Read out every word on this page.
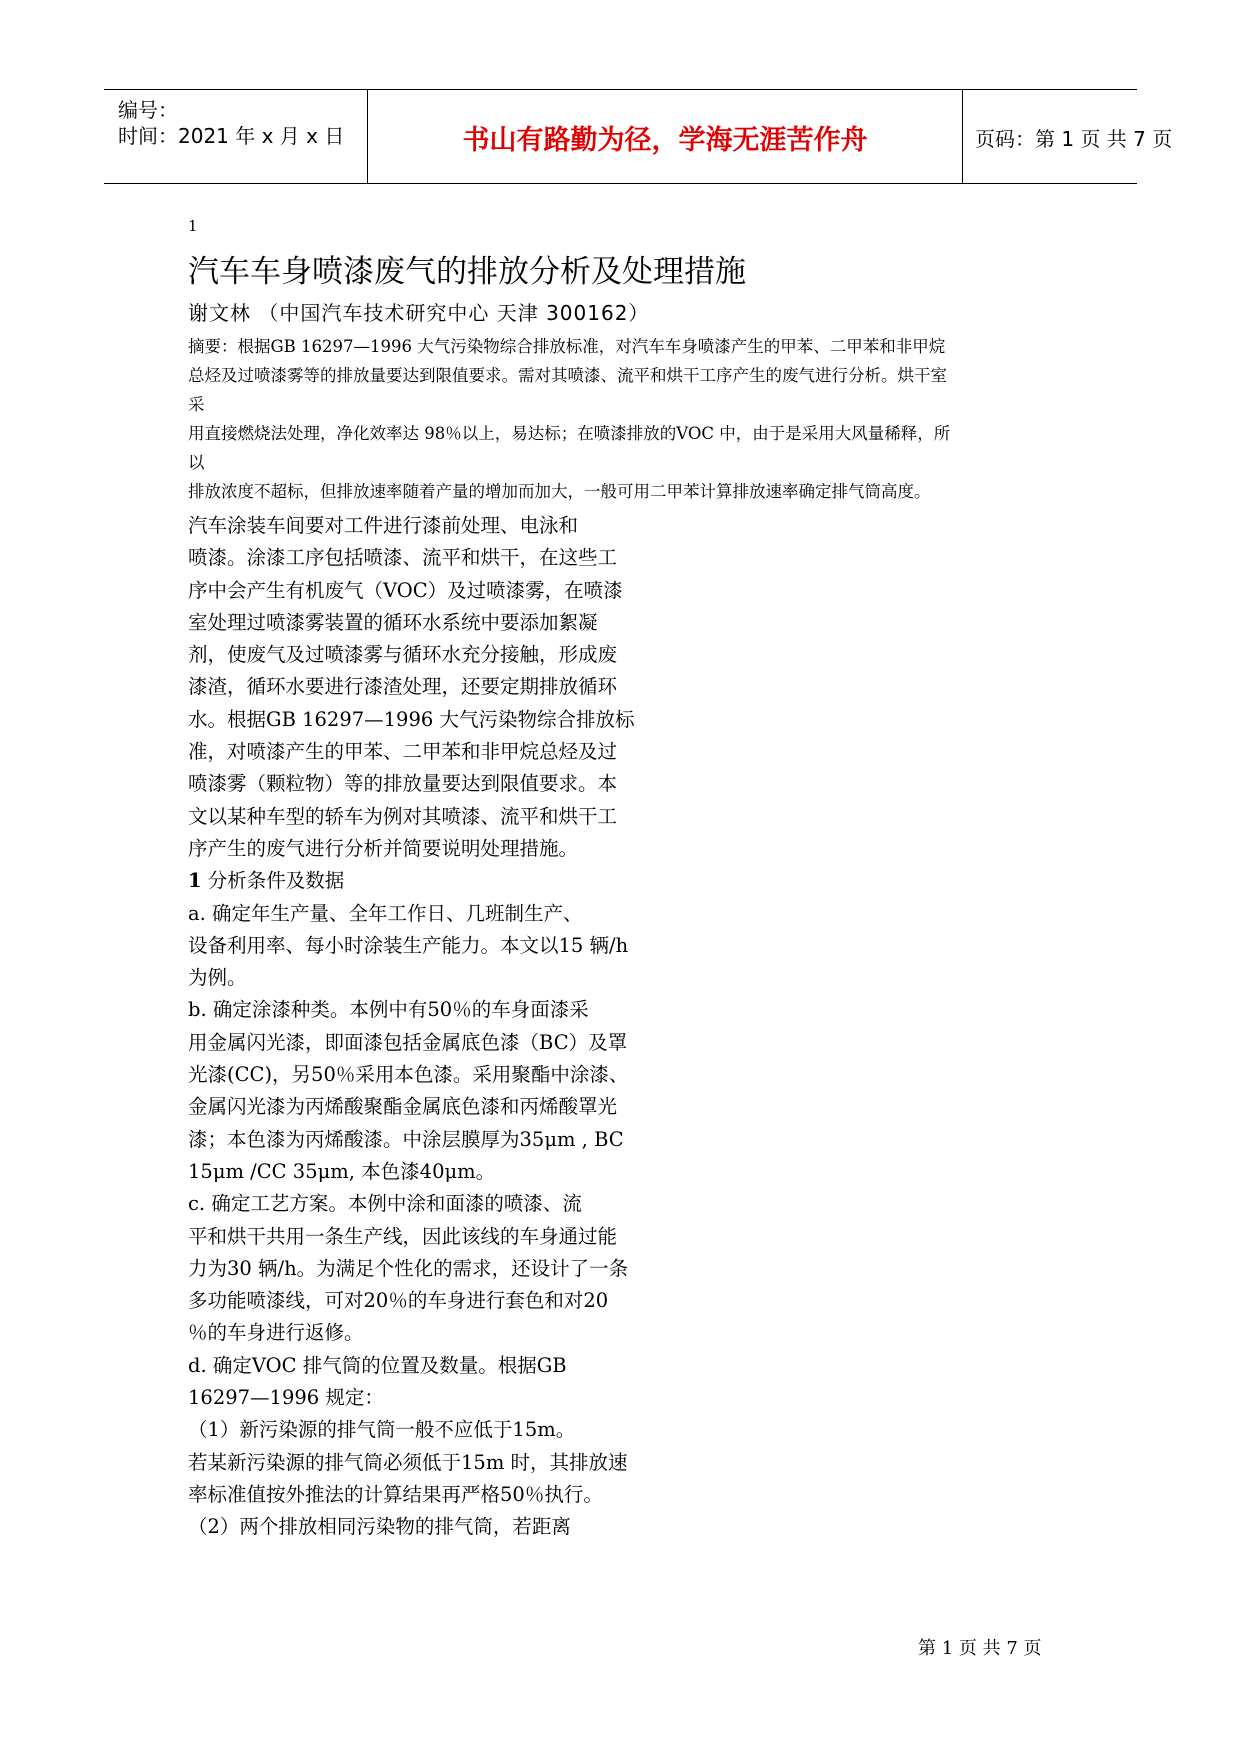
编号：
时间：2021 年 x 月 x 日	书山有路勤为径，学海无涯苦作舟	页码：第 1 页 共 7 页
1
汽车车身喷漆废气的排放分析及处理措施
谢文林 （中国汽车技术研究中心 天津 300162）
摘要：根据GB 16297—1996 大气污染物综合排放标准，对汽车车身喷漆产生的甲苯、二甲苯和非甲烷
总烃及过喷漆雾等的排放量要达到限值要求。需对其喷漆、流平和烘干工序产生的废气进行分析。烘干室
采
用直接燃烧法处理，净化效率达 98％以上，易达标；在喷漆排放的VOC 中，由于是采用大风量稀释，所
以
排放浓度不超标，但排放速率随着产量的增加而加大，一般可用二甲苯计算排放速率确定排气筒高度。
汽车涂装车间要对工件进行漆前处理、电泳和
喷漆。涂漆工序包括喷漆、流平和烘干，在这些工
序中会产生有机废气（VOC）及过喷漆雾，在喷漆
室处理过喷漆雾装置的循环水系统中要添加絮凝
剂，使废气及过喷漆雾与循环水充分接触，形成废
漆渣，循环水要进行漆渣处理，还要定期排放循环
水。根据GB 16297—1996 大气污染物综合排放标
准，对喷漆产生的甲苯、二甲苯和非甲烷总烃及过
喷漆雾（颗粒物）等的排放量要达到限值要求。本
文以某种车型的轿车为例对其喷漆、流平和烘干工
序产生的废气进行分析并简要说明处理措施。
1 分析条件及数据
a. 确定年生产量、全年工作日、几班制生产、
设备利用率、每小时涂装生产能力。本文以15 辆/h
为例。
b. 确定涂漆种类。本例中有50％的车身面漆采
用金属闪光漆，即面漆包括金属底色漆（BC）及罩
光漆(CC)，另50％采用本色漆。采用聚酯中涂漆、
金属闪光漆为丙烯酸聚酯金属底色漆和丙烯酸罩光
漆；本色漆为丙烯酸漆。中涂层膜厚为35μm , BC
15μm /CC 35μm, 本色漆40μm。
c. 确定工艺方案。本例中涂和面漆的喷漆、流
平和烘干共用一条生产线，因此该线的车身通过能
力为30 辆/h。为满足个性化的需求，还设计了一条
多功能喷漆线，可对20％的车身进行套色和对20
％的车身进行返修。
d. 确定VOC 排气筒的位置及数量。根据GB
16297—1996 规定：
（1）新污染源的排气筒一般不应低于15m。
若某新污染源的排气筒必须低于15m 时，其排放速
率标准值按外推法的计算结果再严格50％执行。
（2）两个排放相同污染物的排气筒，若距离
第 1 页 共 7 页
